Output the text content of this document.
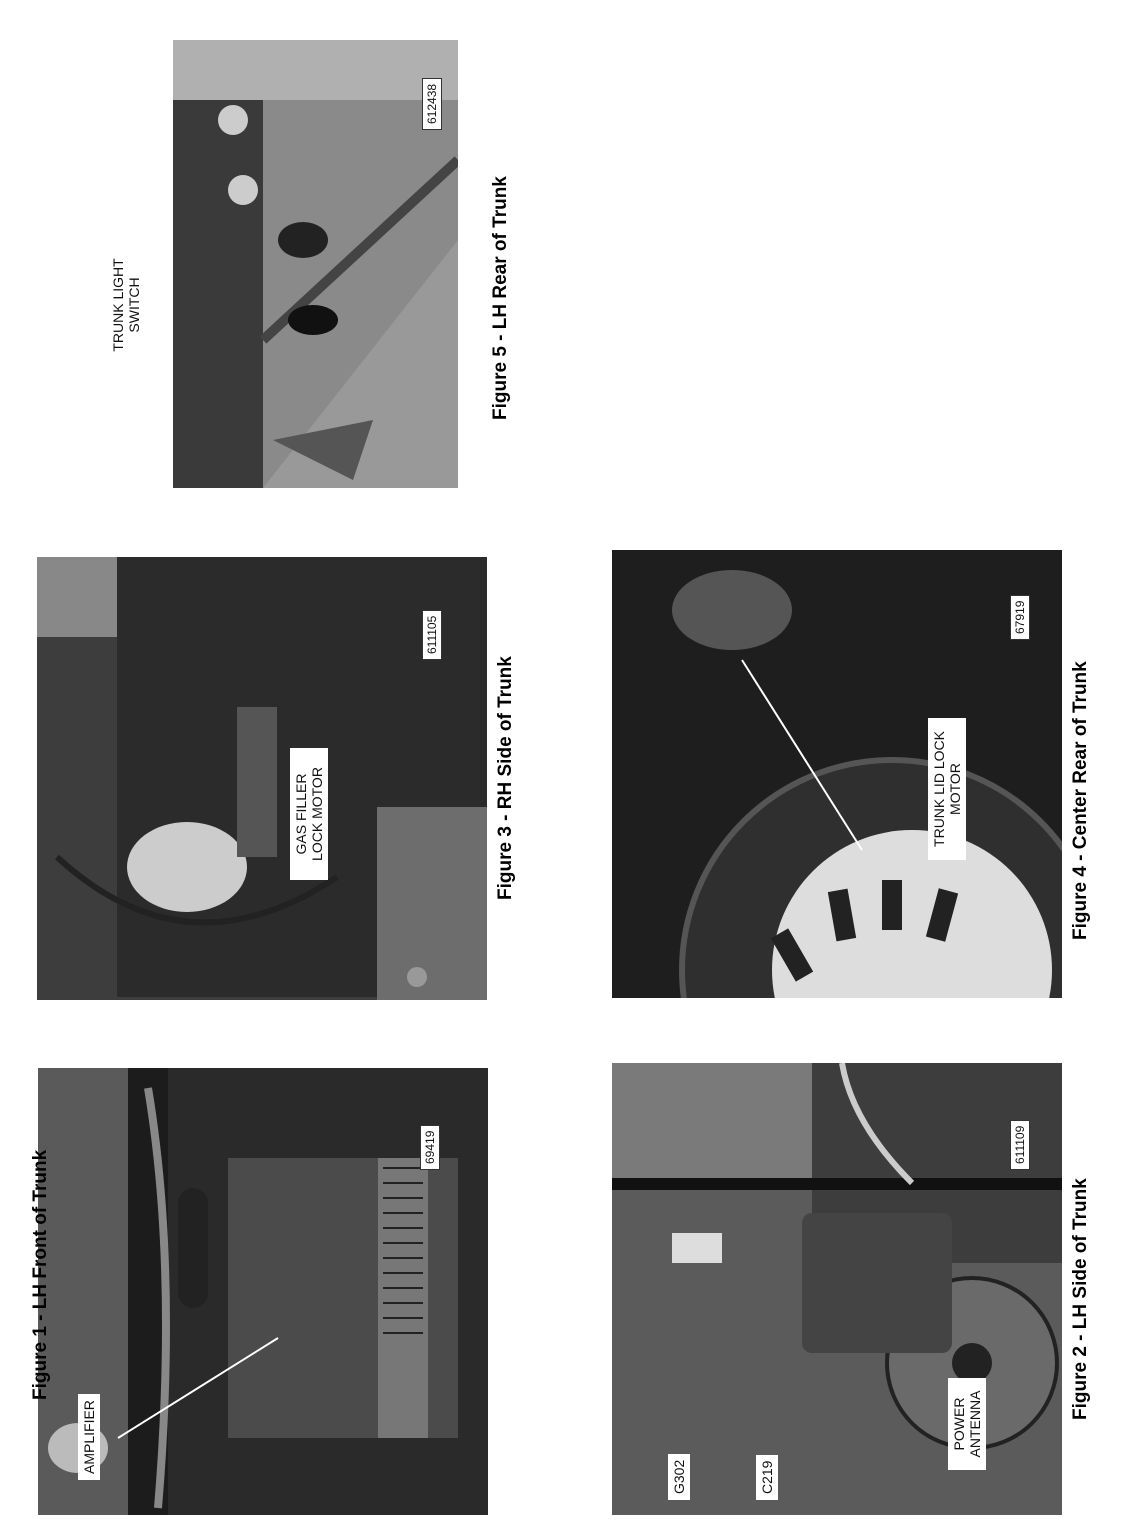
AMPLIFIER
69419
Figure 1 - LH Front of Trunk
G302	C219
POWER ANTENNA
611109
Figure 2 - LH Side of Trunk
GAS FILLER LOCK MOTOR
611105
Figure 3 - RH Side of Trunk	TRUNK LID LOCK MOTOR
67919
Figure 4 - Center Rear of Trunk
TRUNK LIGHT SWITCH
612438
Figure 5 - LH Rear of Trunk
